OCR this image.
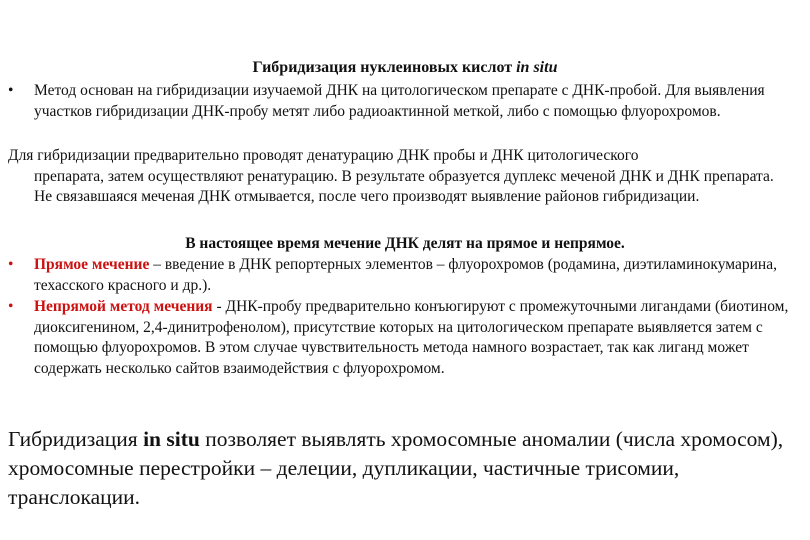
Гибридизация нуклеиновых кислот in situ
•	Метод основан на гибридизации изучаемой ДНК на цитологическом препарате с ДНК-пробой. Для выявления участков гибридизации ДНК-пробу метят либо радиоактинной меткой, либо с помощью флуорохромов.
Для гибридизации предварительно проводят денатурацию ДНК пробы и ДНК цитологического
препарата, затем осуществляют ренатурацию. В результате образуется дуплекс меченой ДНК и ДНК препарата. Не связавшаяся меченая ДНК отмывается, после чего производят выявление районов гибридизации.
В настоящее время мечение ДНК делят на прямое и непрямое.
•	Прямое мечение – введение в ДНК репортерных элементов – флуорохромов (родамина, диэтиламинокумарина, техасского красного и др.).
•	Непрямой метод мечения - ДНК-пробу предварительно конъюгируют с промежуточными лигандами (биотином, диоксигенином, 2,4-динитрофенолом), присутствие которых на цитологическом препарате выявляется затем с помощью флуорохромов. В этом случае чувствительность метода намного возрастает, так как лиганд может содержать несколько сайтов взаимодействия с флуорохромом.
Гибридизация in situ позволяет выявлять хромосомные аномалии (числа хромосом), хромосомные перестройки – делеции, дупликации, частичные трисомии, транслокации.
